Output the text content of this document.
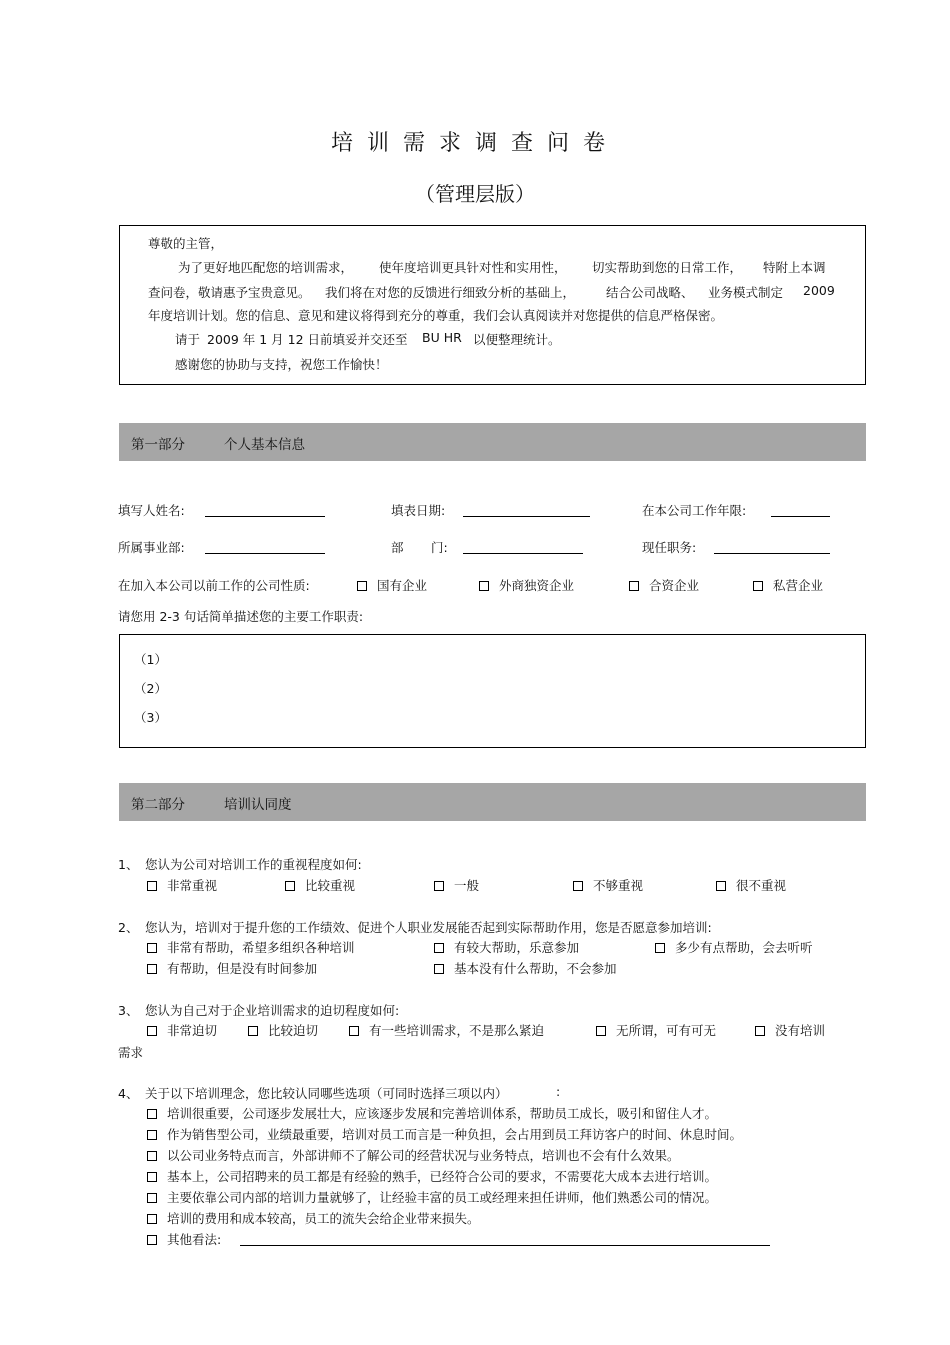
培训需求调查问卷
（管理层版）
尊敬的主管，
为了更好地匹配您的培训需求， 使年度培训更具针对性和实用性， 切实帮助到您的日常工作， 特附上本调
查问卷，敬请惠予宝贵意见。 我们将在对您的反馈进行细致分析的基础上， 结合公司战略、 业务模式制定 2009
年度培训计划。您的信息、意见和建议将得到充分的尊重，我们会认真阅读并对您提供的信息严格保密。
请于 2009 年 1 月 12 日前填妥并交还至 BU HR 以便整理统计。
感谢您的协助与支持，祝您工作愉快！
第一部分	个人基本信息
填写人姓名:	填表日期:	在本公司工作年限:
所属事业部:	部 门:	现任职务:
在加入本公司以前工作的公司性质:	国有企业	外商独资企业	合资企业	私营企业
请您用 2-3 句话简单描述您的主要工作职责:
（1）
（2）
（3）
第二部分	培训认同度
1、 您认为公司对培训工作的重视程度如何:
非常重视	比较重视	一般	不够重视	很不重视
2、 您认为，培训对于提升您的工作绩效、促进个人职业发展能否起到实际帮助作用，您是否愿意参加培训:
非常有帮助，希望多组织各种培训	有较大帮助，乐意参加	多少有点帮助，会去听听
有帮助，但是没有时间参加	基本没有什么帮助，不会参加
3、 您认为自己对于企业培训需求的迫切程度如何:
非常迫切	比较迫切	有一些培训需求，不是那么紧迫	无所谓，可有可无	没有培训
需求
4、 关于以下培训理念，您比较认同哪些选项（可同时选择三项以内）	:
培训很重要，公司逐步发展壮大，应该逐步发展和完善培训体系，帮助员工成长，吸引和留住人才。
作为销售型公司，业绩最重要，培训对员工而言是一种负担，会占用到员工拜访客户的时间、休息时间。
以公司业务特点而言，外部讲师不了解公司的经营状况与业务特点，培训也不会有什么效果。
基本上，公司招聘来的员工都是有经验的熟手，已经符合公司的要求，不需要花大成本去进行培训。
主要依靠公司内部的培训力量就够了，让经验丰富的员工或经理来担任讲师，他们熟悉公司的情况。
培训的费用和成本较高，员工的流失会给企业带来损失。
其他看法:
